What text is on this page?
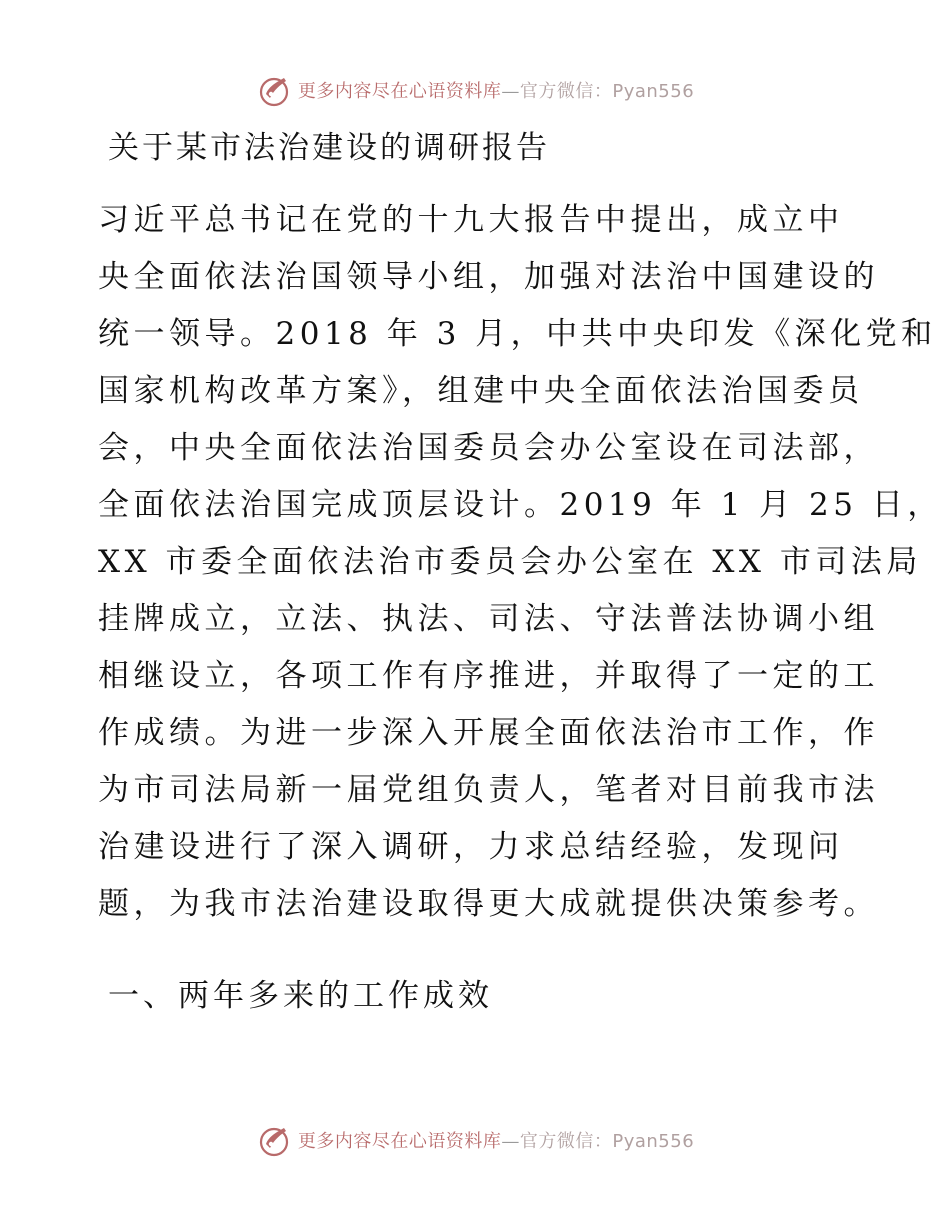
更多内容尽在心语资料库—官方微信：Pyan556
关于某市法治建设的调研报告

习近平总书记在党的十九大报告中提出，成立中

央全面依法治国领导小组，加强对法治中国建设的

统一领导。2018 年 3 月，中共中央印发《深化党和

国家机构改革方案》，组建中央全面依法治国委员

会，中央全面依法治国委员会办公室设在司法部，

全面依法治国完成顶层设计。2019 年 1 月 25 日，

XX 市委全面依法治市委员会办公室在 XX 市司法局

挂牌成立，立法、执法、司法、守法普法协调小组

相继设立，各项工作有序推进，并取得了一定的工

作成绩。为进一步深入开展全面依法治市工作，作

为市司法局新一届党组负责人，笔者对目前我市法

治建设进行了深入调研，力求总结经验，发现问

题，为我市法治建设取得更大成就提供决策参考。

一、两年多来的工作成效
更多内容尽在心语资料库—官方微信：Pyan556
